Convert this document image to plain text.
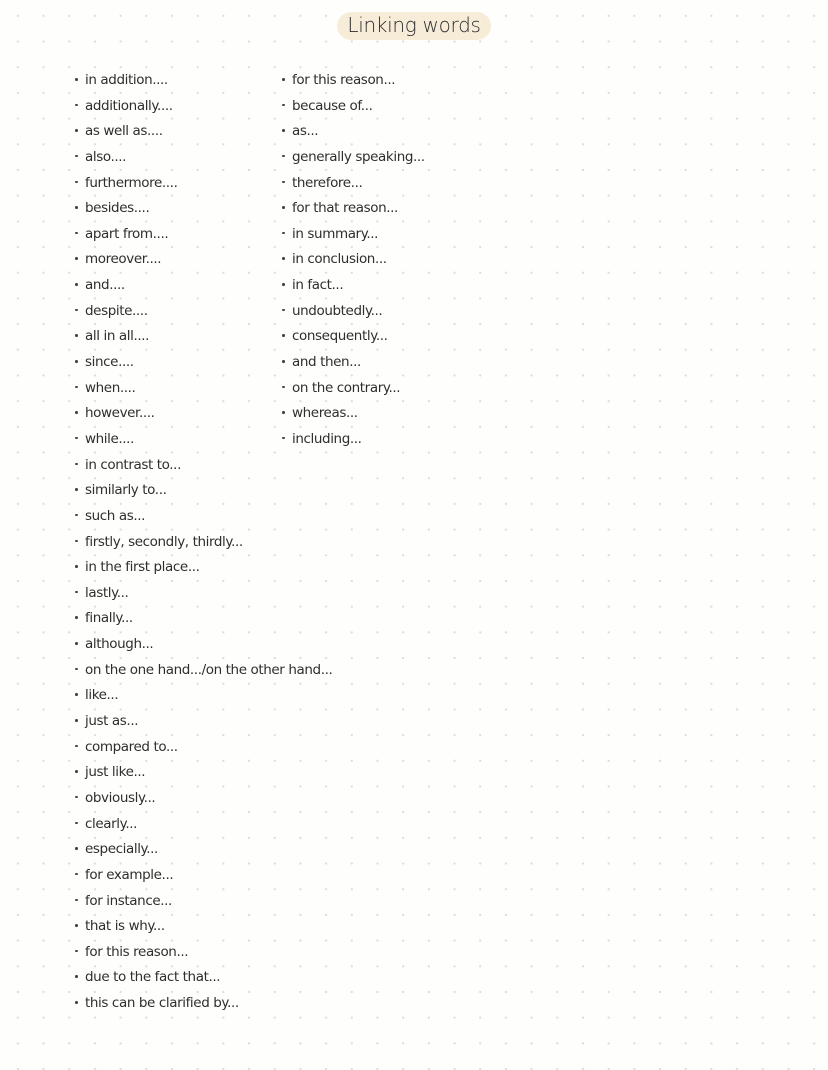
Linking words
in addition....
additionally....
as well as....
also....
furthermore....
besides....
apart from....
moreover....
and....
despite....
all in all....
since....
when....
however....
while....
in contrast to...
similarly to...
such as...
firstly, secondly, thirdly...
in the first place...
lastly...
finally...
although...
on the one hand.../on the other hand...
like...
just as...
compared to...
just like...
obviously...
clearly...
especially...
for example...
for instance...
that is why...
for this reason...
due to the fact that...
this can be clarified by...
for this reason...
because of...
as...
generally speaking...
therefore...
for that reason...
in summary...
in conclusion...
in fact...
undoubtedly...
consequently...
and then...
on the contrary...
whereas...
including...
